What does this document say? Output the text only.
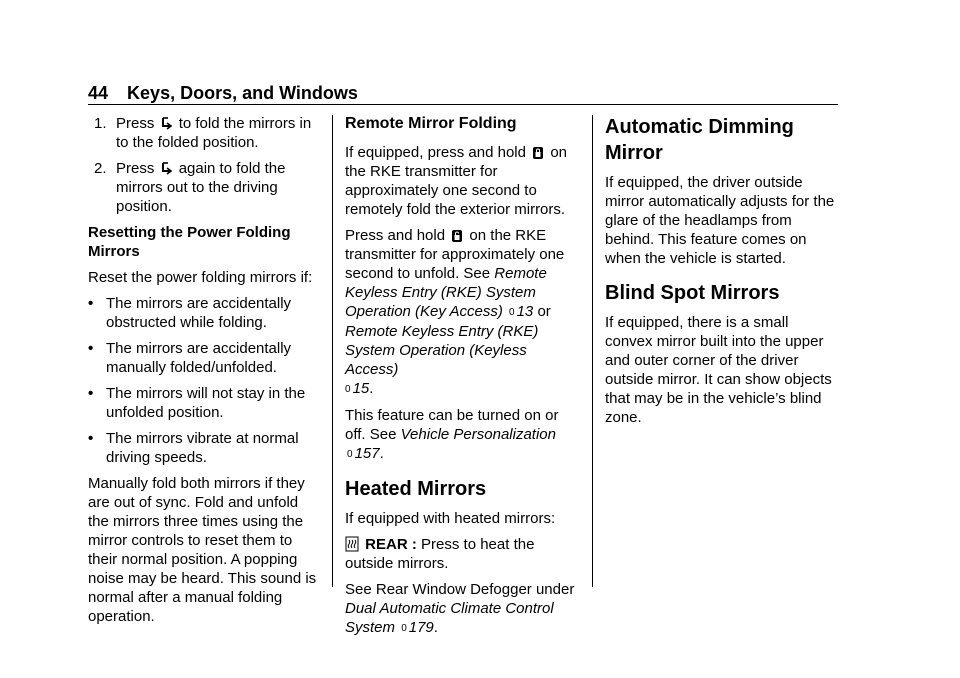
44 Keys, Doors, and Windows
1. Press to fold the mirrors in to the folded position.
2. Press again to fold the mirrors out to the driving position.
Resetting the Power Folding Mirrors

Reset the power folding mirrors if:

• The mirrors are accidentally obstructed while folding.
• The mirrors are accidentally manually folded/unfolded.
• The mirrors will not stay in the unfolded position.
• The mirrors vibrate at normal driving speeds.

Manually fold both mirrors if they are out of sync. Fold and unfold the mirrors three times using the mirror controls to reset them to their normal position. A popping noise may be heard. This sound is normal after a manual folding operation.

Remote Mirror Folding

If equipped, press and hold on the RKE transmitter for approximately one second to remotely fold the exterior mirrors.

Press and hold on the RKE transmitter for approximately one second to unfold. See Remote Keyless Entry (RKE) System Operation (Key Access) 0 13 or Remote Keyless Entry (RKE) System Operation (Keyless Access)
0 15.

This feature can be turned on or off. See Vehicle Personalization 0 157.

Heated Mirrors

If equipped with heated mirrors:

REAR : Press to heat the outside mirrors.

See Rear Window Defogger under Dual Automatic Climate Control System 0 179.

Automatic Dimming Mirror

If equipped, the driver outside mirror automatically adjusts for the glare of the headlamps from behind. This feature comes on when the vehicle is started.

Blind Spot Mirrors

If equipped, there is a small convex mirror built into the upper and outer corner of the driver outside mirror. It can show objects that may be in the vehicle’s blind zone.
